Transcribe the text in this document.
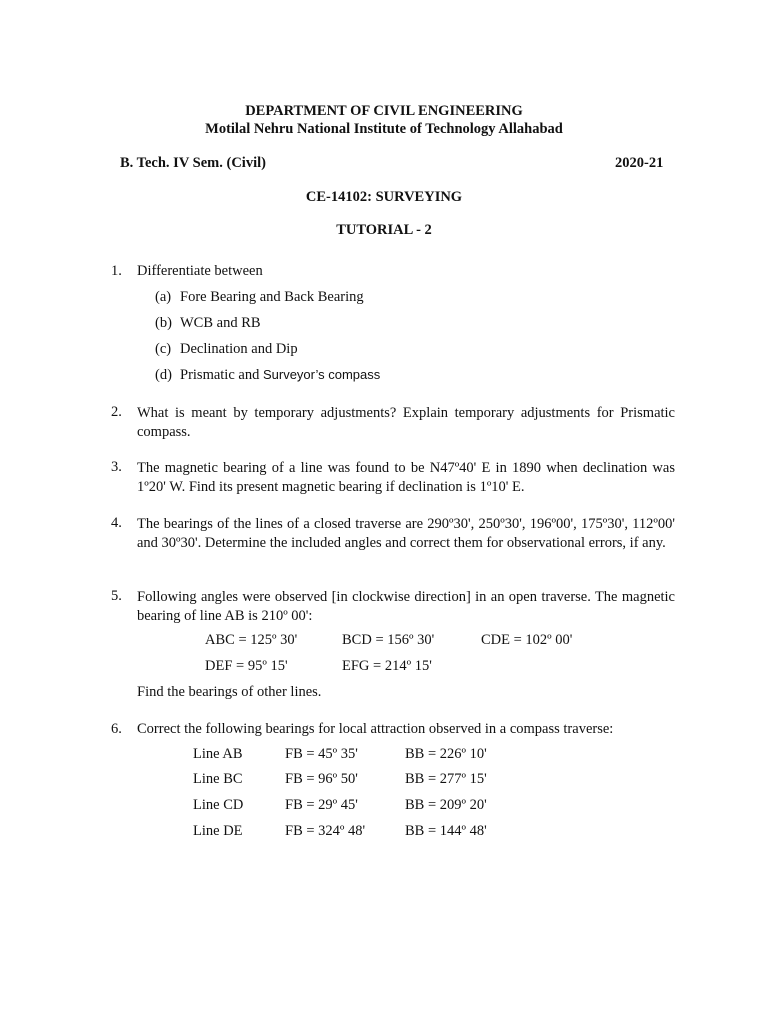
DEPARTMENT OF CIVIL ENGINEERING
Motilal Nehru National Institute of Technology Allahabad
B. Tech. IV Sem. (Civil)	2020-21
CE-14102: SURVEYING
TUTORIAL - 2
1. Differentiate between
(a) Fore Bearing and Back Bearing
(b) WCB and RB
(c) Declination and Dip
(d) Prismatic and Surveyor’s compass
2. What is meant by temporary adjustments? Explain temporary adjustments for Prismatic compass.
3. The magnetic bearing of a line was found to be N47º40' E in 1890 when declination was 1º20' W. Find its present magnetic bearing if declination is 1º10' E.
4. The bearings of the lines of a closed traverse are 290º30', 250º30', 196º00', 175º30', 112º00' and 30º30'. Determine the included angles and correct them for observational errors, if any.
5. Following angles were observed [in clockwise direction] in an open traverse. The magnetic bearing of line AB is 210º 00':
ABC = 125º 30'	BCD = 156º 30'	CDE = 102º 00'
DEF = 95º 15'	EFG = 214º 15'
Find the bearings of other lines.
6. Correct the following bearings for local attraction observed in a compass traverse:
Line AB	FB = 45º 35'	BB = 226º 10'
Line BC	FB = 96º 50'	BB = 277º 15'
Line CD	FB = 29º 45'	BB = 209º 20'
Line DE	FB = 324º 48'	BB = 144º 48'
